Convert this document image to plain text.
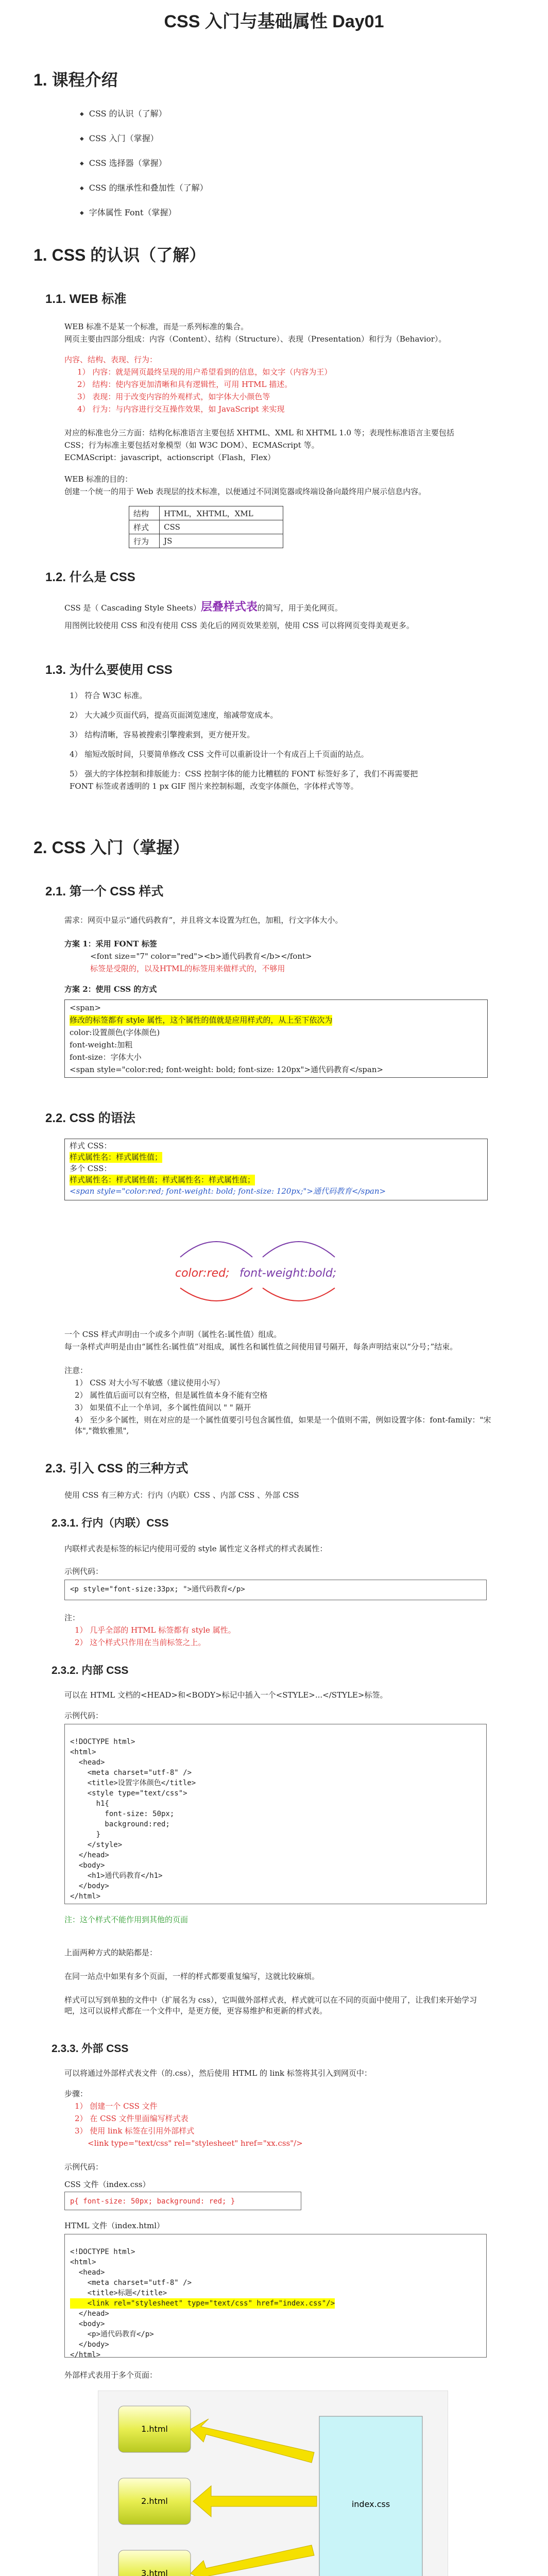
CSS 入门与基础属性 Day01
1. 课程介绍
◆ CSS 的认识（了解）
◆ CSS 入门（掌握）
◆ CSS 选择器（掌握）
◆ CSS 的继承性和叠加性（了解）
◆ 字体属性 Font（掌握）
1. CSS 的认识（了解）
1.1. WEB 标准
WEB 标准不是某一个标准，而是一系列标准的集合。
网页主要由四部分组成：内容（Content）、结构（Structure）、表现（Presentation）和行为（Behavior）。
内容、结构、表现、行为：
1） 内容：就是网页最终呈现的用户希望看到的信息，如文字（内容为王）
2） 结构：使内容更加清晰和具有逻辑性，可用 HTML 描述。
3） 表现：用于改变内容的外观样式，如字体大小颜色等
4） 行为：与内容进行交互操作效果，如 JavaScript 来实现
对应的标准也分三方面：结构化标准语言主要包括 XHTML、XML 和 XHTML 1.0 等；表现性标准语言主要包括
CSS；行为标准主要包括对象模型（如 W3C DOM）、ECMAScript 等。
ECMAScript：javascript，actionscript（Flash，Flex）
WEB 标准的目的：
创建一个统一的用于 Web 表现层的技术标准，以便通过不同浏览器或终端设备向最终用户展示信息内容。
结构	HTML，XHTML，XML
样式	CSS
行为	JS
1.2. 什么是 CSS
CSS 是（ Cascading Style Sheets）层叠样式表的简写，用于美化网页。
用图例比较使用 CSS 和没有使用 CSS 美化后的网页效果差别，使用 CSS 可以将网页变得美观更多。
1.3. 为什么要使用 CSS
1） 符合 W3C 标准。
2） 大大减少页面代码，提高页面浏览速度，缩减带宽成本。
3） 结构清晰，容易被搜索引擎搜索到，更方便开发。
4） 缩短改版时间，只要简单修改 CSS 文件可以重新设计一个有成百上千页面的站点。
5） 强大的字体控制和排版能力：CSS 控制字体的能力比糟糕的 FONT 标签好多了，我们不再需要把
FONT 标签或者透明的 1 px GIF 图片来控制标题，改变字体颜色，字体样式等等。
2. CSS 入门（掌握）
2.1. 第一个 CSS 样式
需求：网页中显示“通代码教育”，并且将文本设置为红色，加粗，行文字体大小。
方案 1：采用 FONT 标签
<font size="7" color="red"><b>通代码教育</b></font>
标签是受限的，以及HTML的标签用来做样式的，不够用
方案 2：使用 CSS 的方式
<span>
修改的标签都有 style 属性，这个属性的值就是应用样式的，从上至下依次为
color:设置颜色(字体颜色)
font-weight:加粗
font-size：字体大小
<span style="color:red; font-weight: bold; font-size: 120px">通代码教育</span>
2.2. CSS 的语法
样式 CSS：
样式属性名：样式属性值；
多个 CSS：
样式属性名：样式属性值；样式属性名：样式属性值；
<span style="color:red; font-weight: bold; font-size: 120px;">通代码教育</span>
color:red; font-weight:bold;
一个 CSS 样式声明由一个或多个声明（属性名:属性值）组成。
每一条样式声明是由由“属性名:属性值”对组成，属性名和属性值之间使用冒号隔开，每条声明结束以“分号；”结束。
注意：
1） CSS 对大小写不敏感（建议使用小写）
2） 属性值后面可以有空格，但是属性值本身不能有空格
3） 如果值不止一个单词，多个属性值间以 " " 隔开
4） 至少多个属性，则在对应的是一个属性值要引号包含属性值，如果是一个值则不需，例如设置字体：font-family："宋体","微软雅黑",
2.3. 引入 CSS 的三种方式
使用 CSS 有三种方式：行内（内联）CSS 、内部 CSS 、外部 CSS
2.3.1. 行内（内联）CSS
内联样式表是标签的标记内使用可爱的 style 属性定义各样式的样式表属性：
示例代码：
<p style="font-size:33px; ">通代码教育</p>
注：
1） 几乎全部的 HTML 标签都有 style 属性。
2） 这个样式只作用在当前标签之上。
2.3.2. 内部 CSS
可以在 HTML 文档的<HEAD>和<BODY>标记中插入一个<STYLE>...</STYLE>标签。
示例代码：

<!DOCTYPE html>
<html>
<head>
<meta charset="utf-8" />
<title>设置字体颜色</title>
<style type="text/css">
h1{
font-size: 50px;
background:red;
}
</style>
</head>
<body>
<h1>通代码教育</h1>
</body>
</html>

注：这个样式不能作用到其他的页面
上面两种方式的缺陷都是：
在同一站点中如果有多个页面，一样的样式都要重复编写，这就比较麻烦。
样式可以写到单独的文件中（扩展名为 css），它叫做外部样式表，样式就可以在不同的页面中使用了，让我们来开始学习吧，这可以说样式都在一个文件中，是更方便，更容易维护和更新的样式表。
2.3.3. 外部 CSS
可以将通过外部样式表文件（的.css），然后使用 HTML 的 link 标签将其引入到网页中：
步骤：
1） 创建一个 CSS 文件
2） 在 CSS 文件里面编写样式表
3） 使用 link 标签在引用外部样式
<link type="text/css" rel="stylesheet" href="xx.css"/>
示例代码：
CSS 文件（index.css）
p{ font-size: 50px; background: red; }
HTML 文件（index.html）

<!DOCTYPE html>
<html>
<head>
<meta charset="utf-8" />
<title>标题</title>
<link rel="stylesheet" type="text/css" href="index.css"/>
</head>
<body>
<p>通代码教育</p>
</body>
</html>

外部样式表用于多个页面：
1.html
2.html
3.html
index.css
